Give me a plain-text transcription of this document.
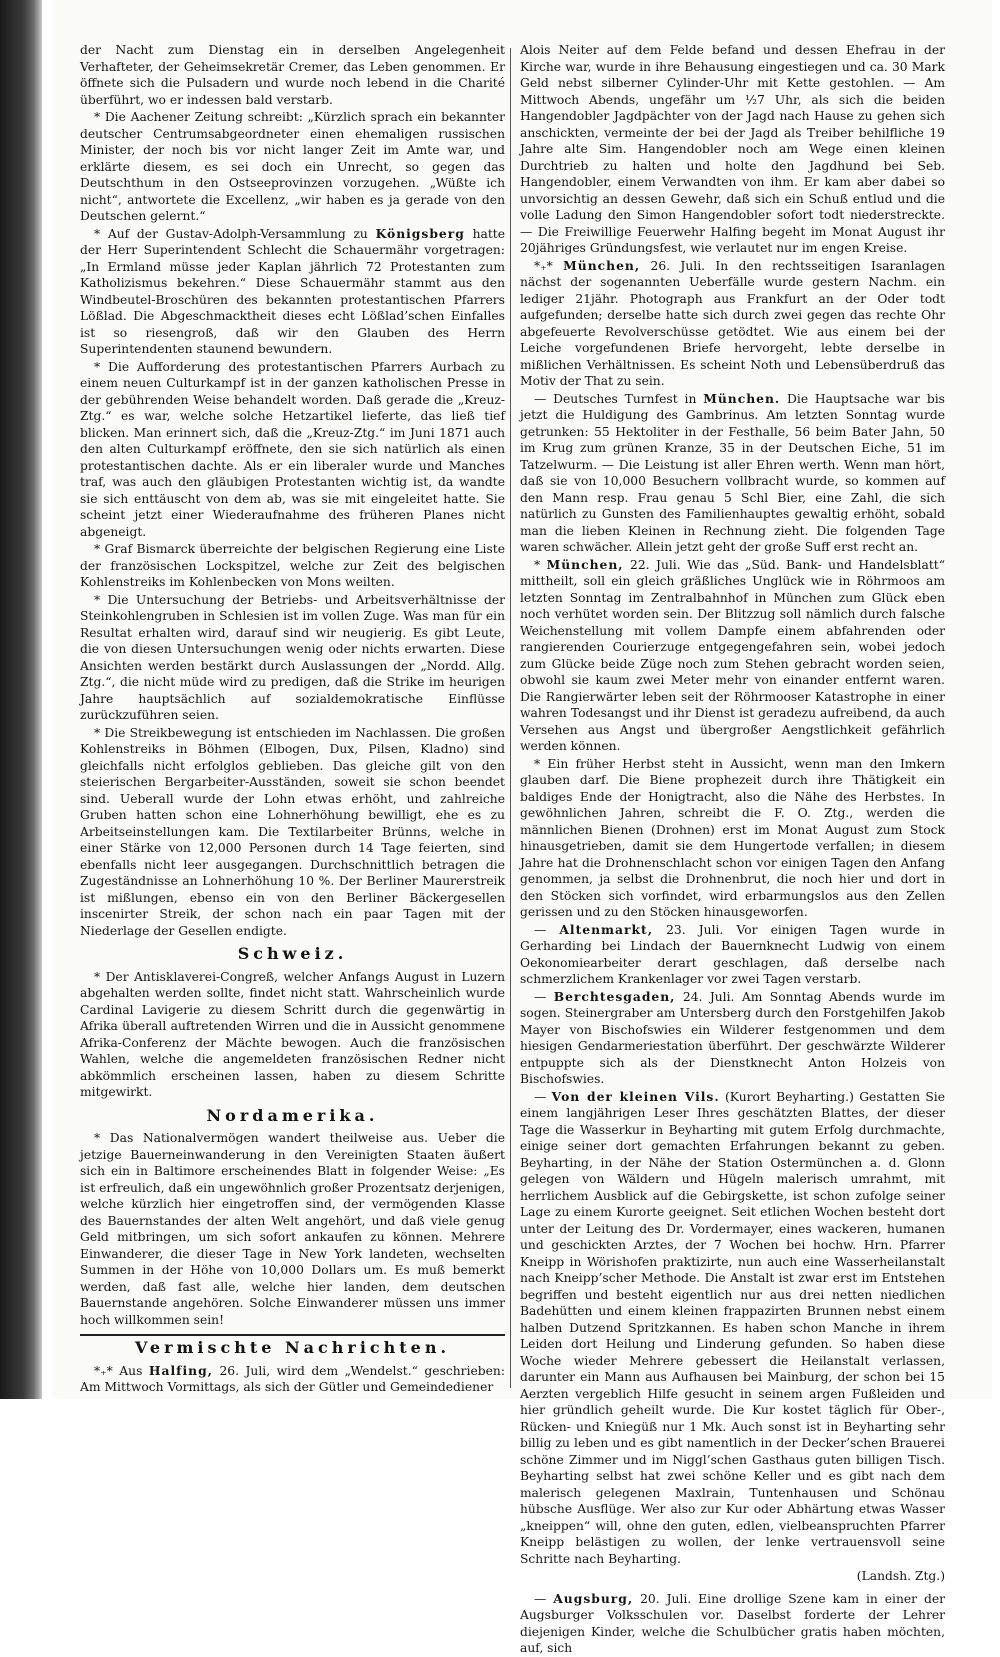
der Nacht zum Dienstag ein in derselben Angelegenheit Verhafteter, der Geheimsekretär Cremer, das Leben genommen. Er öffnete sich die Pulsadern und wurde noch lebend in die Charité überführt, wo er indessen bald verstarb.

* Die Aachener Zeitung schreibt: „Kürzlich sprach ein bekannter deutscher Centrumsabgeordneter einen ehemaligen russischen Minister, der noch bis vor nicht langer Zeit im Amte war, und erklärte diesem, es sei doch ein Unrecht, so gegen das Deutschthum in den Ostseeprovinzen vorzugehen. „Wüßte ich nicht“, antwortete die Excellenz, „wir haben es ja gerade von den Deutschen gelernt.“

* Auf der Gustav-Adolph-Versammlung zu Königsberg hatte der Herr Superintendent Schlecht die Schauermähr vorgetragen: „In Ermland müsse jeder Kaplan jährlich 72 Protestanten zum Katholizismus bekehren.“ Diese Schauermähr stammt aus den Windbeutel-Broschüren des bekannten protestantischen Pfarrers Lößlad. Die Abgeschmacktheit dieses echt Lößlad’schen Einfalles ist so riesengroß, daß wir den Glauben des Herrn Superintendenten staunend bewundern.

* Die Aufforderung des protestantischen Pfarrers Aurbach zu einem neuen Culturkampf ist in der ganzen katholischen Presse in der gebührenden Weise behandelt worden. Daß gerade die „Kreuz-Ztg.“ es war, welche solche Hetzartikel lieferte, das ließ tief blicken. Man erinnert sich, daß die „Kreuz-Ztg.“ im Juni 1871 auch den alten Culturkampf eröffnete, den sie sich natürlich als einen protestantischen dachte. Als er ein liberaler wurde und Manches traf, was auch den gläubigen Protestanten wichtig ist, da wandte sie sich enttäuscht von dem ab, was sie mit eingeleitet hatte. Sie scheint jetzt einer Wiederaufnahme des früheren Planes nicht abgeneigt.

* Graf Bismarck überreichte der belgischen Regierung eine Liste der französischen Lockspitzel, welche zur Zeit des belgischen Kohlenstreiks im Kohlenbecken von Mons weilten.

* Die Untersuchung der Betriebs- und Arbeitsverhältnisse der Steinkohlengruben in Schlesien ist im vollen Zuge. Was man für ein Resultat erhalten wird, darauf sind wir neugierig. Es gibt Leute, die von diesen Untersuchungen wenig oder nichts erwarten. Diese Ansichten werden bestärkt durch Auslassungen der „Nordd. Allg. Ztg.“, die nicht müde wird zu predigen, daß die Strike im heurigen Jahre hauptsächlich auf sozialdemokratische Einflüsse zurückzuführen seien.

* Die Streikbewegung ist entschieden im Nachlassen. Die großen Kohlenstreiks in Böhmen (Elbogen, Dux, Pilsen, Kladno) sind gleichfalls nicht erfolglos geblieben. Das gleiche gilt von den steierischen Bergarbeiter-Ausständen, soweit sie schon beendet sind. Ueberall wurde der Lohn etwas erhöht, und zahlreiche Gruben hatten schon eine Lohnerhöhung bewilligt, ehe es zu Arbeitseinstellungen kam. Die Textilarbeiter Brünns, welche in einer Stärke von 12,000 Personen durch 14 Tage feierten, sind ebenfalls nicht leer ausgegangen. Durchschnittlich betragen die Zugeständnisse an Lohnerhöhung 10 %. Der Berliner Maurerstreik ist mißlungen, ebenso ein von den Berliner Bäckergesellen inscenirter Streik, der schon nach ein paar Tagen mit der Niederlage der Gesellen endigte.

Schweiz.

* Der Antisklaverei-Congreß, welcher Anfangs August in Luzern abgehalten werden sollte, findet nicht statt. Wahrscheinlich wurde Cardinal Lavigerie zu diesem Schritt durch die gegenwärtig in Afrika überall auftretenden Wirren und die in Aussicht genommene Afrika-Conferenz der Mächte bewogen. Auch die französischen Wahlen, welche die angemeldeten französischen Redner nicht abkömmlich erscheinen lassen, haben zu diesem Schritte mitgewirkt.

Nordamerika.

* Das Nationalvermögen wandert theilweise aus. Ueber die jetzige Bauerneinwanderung in den Vereinigten Staaten äußert sich ein in Baltimore erscheinendes Blatt in folgender Weise: „Es ist erfreulich, daß ein ungewöhnlich großer Prozentsatz derjenigen, welche kürzlich hier eingetroffen sind, der vermögenden Klasse des Bauernstandes der alten Welt angehört, und daß viele genug Geld mitbringen, um sich sofort ankaufen zu können. Mehrere Einwanderer, die dieser Tage in New York landeten, wechselten Summen in der Höhe von 10,000 Dollars um. Es muß bemerkt werden, daß fast alle, welche hier landen, dem deutschen Bauernstande angehören. Solche Einwanderer müssen uns immer hoch willkommen sein!

Vermischte Nachrichten.

*₊* Aus Halfing, 26. Juli, wird dem „Wendelst.“ geschrieben: Am Mittwoch Vormittags, als sich der Gütler und Gemeindediener

Alois Neiter auf dem Felde befand und dessen Ehefrau in der Kirche war, wurde in ihre Behausung eingestiegen und ca. 30 Mark Geld nebst silberner Cylinder-Uhr mit Kette gestohlen. — Am Mittwoch Abends, ungefähr um ½7 Uhr, als sich die beiden Hangendobler Jagdpächter von der Jagd nach Hause zu gehen sich anschickten, vermeinte der bei der Jagd als Treiber behilfliche 19 Jahre alte Sim. Hangendobler noch am Wege einen kleinen Durchtrieb zu halten und holte den Jagdhund bei Seb. Hangendobler, einem Verwandten von ihm. Er kam aber dabei so unvorsichtig an dessen Gewehr, daß sich ein Schuß entlud und die volle Ladung den Simon Hangendobler sofort todt niederstreckte. — Die Freiwillige Feuerwehr Halfing begeht im Monat August ihr 20jähriges Gründungsfest, wie verlautet nur im engen Kreise.

*₊* München, 26. Juli. In den rechtsseitigen Isaranlagen nächst der sogenannten Ueberfälle wurde gestern Nachm. ein lediger 21jähr. Photograph aus Frankfurt an der Oder todt aufgefunden; derselbe hatte sich durch zwei gegen das rechte Ohr abgefeuerte Revolverschüsse getödtet. Wie aus einem bei der Leiche vorgefundenen Briefe hervorgeht, lebte derselbe in mißlichen Verhältnissen. Es scheint Noth und Lebensüberdruß das Motiv der That zu sein.

— Deutsches Turnfest in München. Die Hauptsache war bis jetzt die Huldigung des Gambrinus. Am letzten Sonntag wurde getrunken: 55 Hektoliter in der Festhalle, 56 beim Bater Jahn, 50 im Krug zum grünen Kranze, 35 in der Deutschen Eiche, 51 im Tatzelwurm. — Die Leistung ist aller Ehren werth. Wenn man hört, daß sie von 10,000 Besuchern vollbracht wurde, so kommen auf den Mann resp. Frau genau 5 Schl Bier, eine Zahl, die sich natürlich zu Gunsten des Familienhauptes gewaltig erhöht, sobald man die lieben Kleinen in Rechnung zieht. Die folgenden Tage waren schwächer. Allein jetzt geht der große Suff erst recht an.

* München, 22. Juli. Wie das „Süd. Bank- und Handelsblatt“ mittheilt, soll ein gleich gräßliches Unglück wie in Röhrmoos am letzten Sonntag im Zentralbahnhof in München zum Glück eben noch verhütet worden sein. Der Blitzzug soll nämlich durch falsche Weichenstellung mit vollem Dampfe einem abfahrenden oder rangierenden Courierzuge entgegengefahren sein, wobei jedoch zum Glücke beide Züge noch zum Stehen gebracht worden seien, obwohl sie kaum zwei Meter mehr von einander entfernt waren. Die Rangierwärter leben seit der Röhrmooser Katastrophe in einer wahren Todesangst und ihr Dienst ist geradezu aufreibend, da auch Versehen aus Angst und übergroßer Aengstlichkeit gefährlich werden können.

* Ein früher Herbst steht in Aussicht, wenn man den Imkern glauben darf. Die Biene prophezeit durch ihre Thätigkeit ein baldiges Ende der Honigtracht, also die Nähe des Herbstes. In gewöhnlichen Jahren, schreibt die F. O. Ztg., werden die männlichen Bienen (Drohnen) erst im Monat August zum Stock hinausgetrieben, damit sie dem Hungertode verfallen; in diesem Jahre hat die Drohnenschlacht schon vor einigen Tagen den Anfang genommen, ja selbst die Drohnenbrut, die noch hier und dort in den Stöcken sich vorfindet, wird erbarmungslos aus den Zellen gerissen und zu den Stöcken hinausgeworfen.

— Altenmarkt, 23. Juli. Vor einigen Tagen wurde in Gerharding bei Lindach der Bauernknecht Ludwig von einem Oekonomiearbeiter derart geschlagen, daß derselbe nach schmerzlichem Krankenlager vor zwei Tagen verstarb.

— Berchtesgaden, 24. Juli. Am Sonntag Abends wurde im sogen. Steinergraber am Untersberg durch den Forstgehilfen Jakob Mayer von Bischofswies ein Wilderer festgenommen und dem hiesigen Gendarmeriestation überführt. Der geschwärzte Wilderer entpuppte sich als der Dienstknecht Anton Holzeis von Bischofswies.

— Von der kleinen Vils. (Kurort Beyharting.) Gestatten Sie einem langjährigen Leser Ihres geschätzten Blattes, der dieser Tage die Wasserkur in Beyharting mit gutem Erfolg durchmachte, einige seiner dort gemachten Erfahrungen bekannt zu geben. Beyharting, in der Nähe der Station Ostermünchen a. d. Glonn gelegen von Wäldern und Hügeln malerisch umrahmt, mit herrlichem Ausblick auf die Gebirgskette, ist schon zufolge seiner Lage zu einem Kurorte geeignet. Seit etlichen Wochen besteht dort unter der Leitung des Dr. Vordermayer, eines wackeren, humanen und geschickten Arztes, der 7 Wochen bei hochw. Hrn. Pfarrer Kneipp in Wörishofen praktizirte, nun auch eine Wasserheilanstalt nach Kneipp’scher Methode. Die Anstalt ist zwar erst im Entstehen begriffen und besteht eigentlich nur aus drei netten niedlichen Badehütten und einem kleinen frappazirten Brunnen nebst einem halben Dutzend Spritzkannen. Es haben schon Manche in ihrem Leiden dort Heilung und Linderung gefunden. So haben diese Woche wieder Mehrere gebessert die Heilanstalt verlassen, darunter ein Mann aus Aufhausen bei Mainburg, der schon bei 15 Aerzten vergeblich Hilfe gesucht in seinem argen Fußleiden und hier gründlich geheilt wurde. Die Kur kostet täglich für Ober-, Rücken- und Kniegüß nur 1 Mk. Auch sonst ist in Beyharting sehr billig zu leben und es gibt namentlich in der Decker’schen Brauerei schöne Zimmer und im Niggl’schen Gasthaus guten billigen Tisch. Beyharting selbst hat zwei schöne Keller und es gibt nach dem malerisch gelegenen Maxlrain, Tuntenhausen und Schönau hübsche Ausflüge. Wer also zur Kur oder Abhärtung etwas Wasser „kneippen“ will, ohne den guten, edlen, vielbeanspruchten Pfarrer Kneipp belästigen zu wollen, der lenke vertrauensvoll seine Schritte nach Beyharting.

(Landsh. Ztg.)

— Augsburg, 20. Juli. Eine drollige Szene kam in einer der Augsburger Volksschulen vor. Daselbst forderte der Lehrer diejenigen Kinder, welche die Schulbücher gratis haben möchten, auf, sich
